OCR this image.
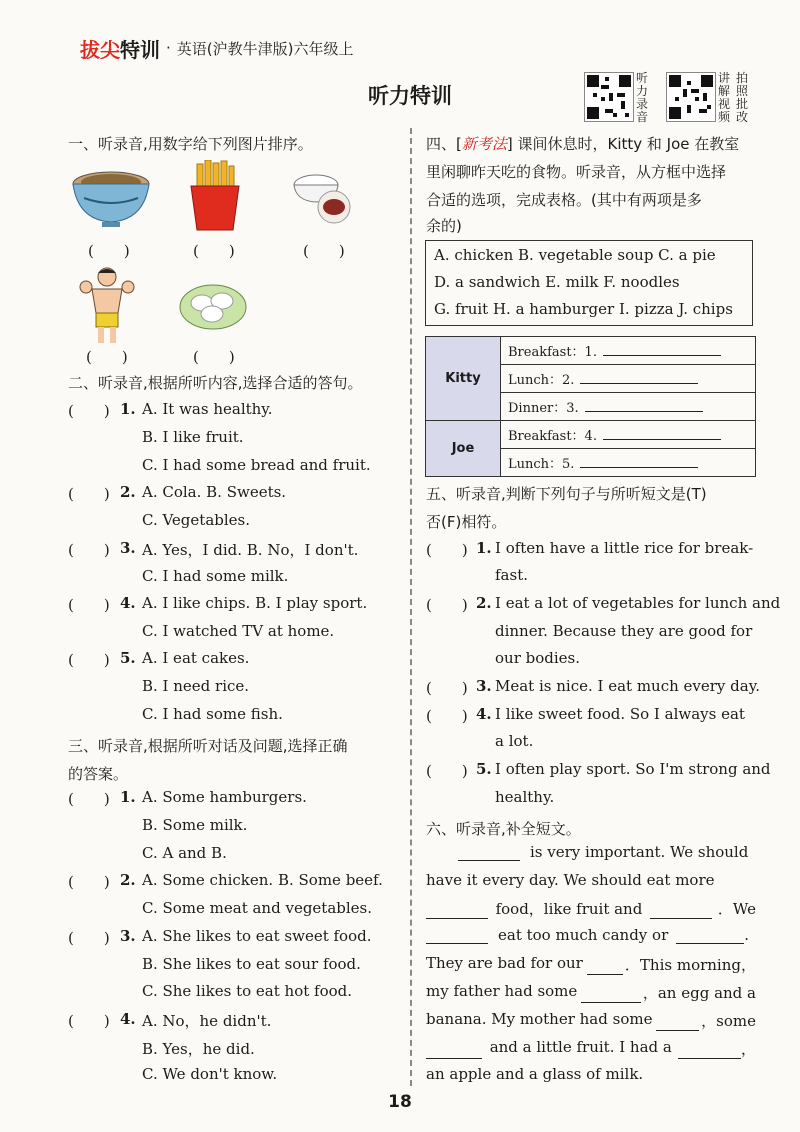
拔尖 特训 · 英语(沪教牛津版)六年级上
听力特训
听
力
录
音
讲
解
视
频
拍
照
批
改
一、听录音,用数字给下列图片排序。
(　　)	(　　)	(　　)
(　　)	(　　)
二、听录音,根据所听内容,选择合适的答句。
(　　) 1. A. It was healthy.
B. I like fruit.
C. I had some bread and fruit.
(　　) 2. A. Cola. B. Sweets.
C. Vegetables.
(　　) 3. A. Yes，I did. B. No，I don't.
C. I had some milk.
(　　) 4. A. I like chips. B. I play sport.
C. I watched TV at home.
(　　) 5. A. I eat cakes.
B. I need rice.
C. I had some fish.
三、听录音,根据所听对话及问题,选择正确
的答案。
(　　) 1. A. Some hamburgers.
B. Some milk.
C. A and B.
(　　) 2. A. Some chicken. B. Some beef.
C. Some meat and vegetables.
(　　) 3. A. She likes to eat sweet food.
B. She likes to eat sour food.
C. She likes to eat hot food.
(　　) 4. A. No，he didn't.
B. Yes，he did.
C. We don't know.
四、[新考法] 课间休息时，Kitty 和 Joe 在教室
里闲聊昨天吃的食物。听录音，从方框中选择
合适的选项，完成表格。(其中有两项是多
余的)
A. chicken B. vegetable soup C. a pie
D. a sandwich E. milk F. noodles
G. fruit H. a hamburger I. pizza J. chips
Kitty	Breakfast：1.
	Lunch：2.
	Dinner：3.
Joe	Breakfast：4.
	Lunch：5.
五、听录音,判断下列句子与所听短文是(T)
否(F)相符。
(　　) 1. I often have a little rice for break-
fast.
(　　) 2. I eat a lot of vegetables for lunch and
dinner. Because they are good for
our bodies.
(　　) 3. Meat is nice. I eat much every day.
(　　) 4. I like sweet food. So I always eat
a lot.
(　　) 5. I often play sport. So I'm strong and
healthy.
六、听录音,补全短文。
is very important. We should
have it every day. We should eat more
food，like fruit and	．We
eat too much candy or	.
They are bad for our	．This morning，
my father had some	，an egg and a
banana. My mother had some	，some
and a little fruit. I had a	，
an apple and a glass of milk.
18
